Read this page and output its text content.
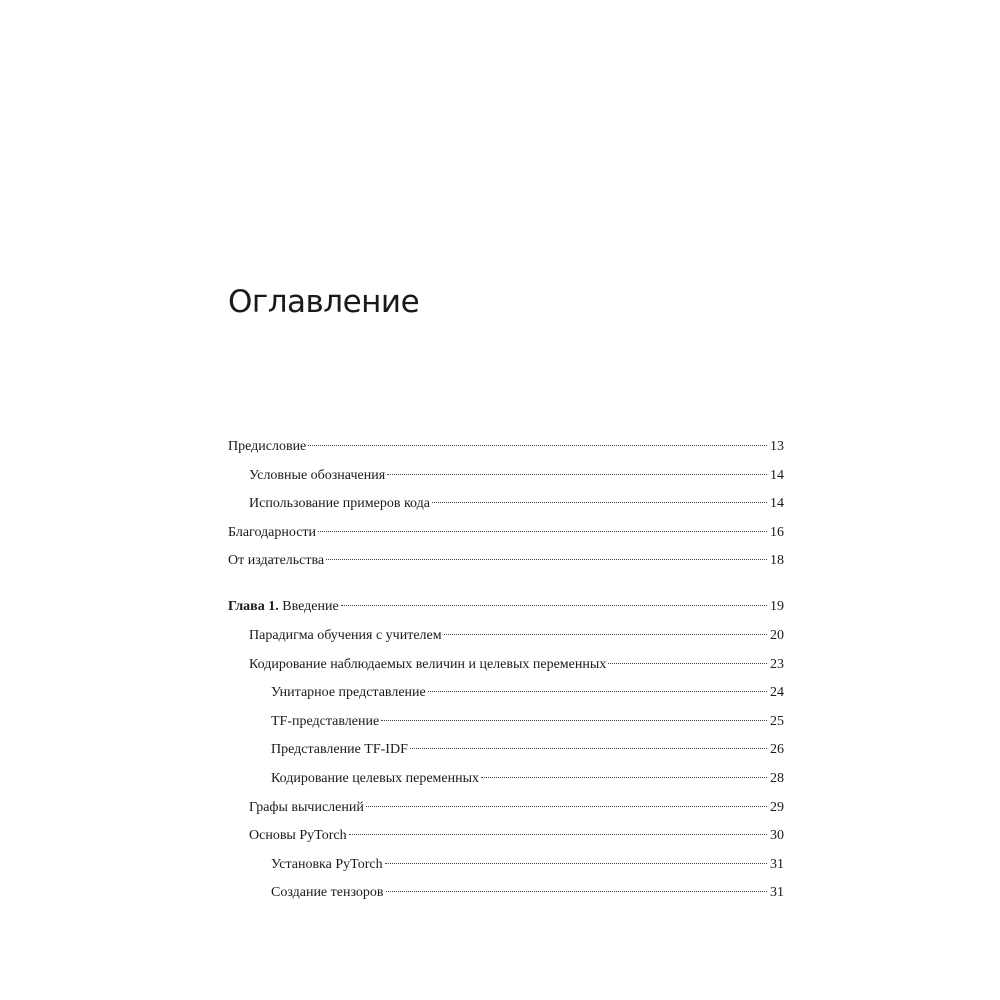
Оглавление
Предисловие	13
Условные обозначения	14
Использование примеров кода	14
Благодарности	16
От издательства	18
Глава 1. Введение	19
Парадигма обучения с учителем	20
Кодирование наблюдаемых величин и целевых переменных	23
Унитарное представление	24
TF-представление	25
Представление TF-IDF	26
Кодирование целевых переменных	28
Графы вычислений	29
Основы PyTorch	30
Установка PyTorch	31
Создание тензоров	31
